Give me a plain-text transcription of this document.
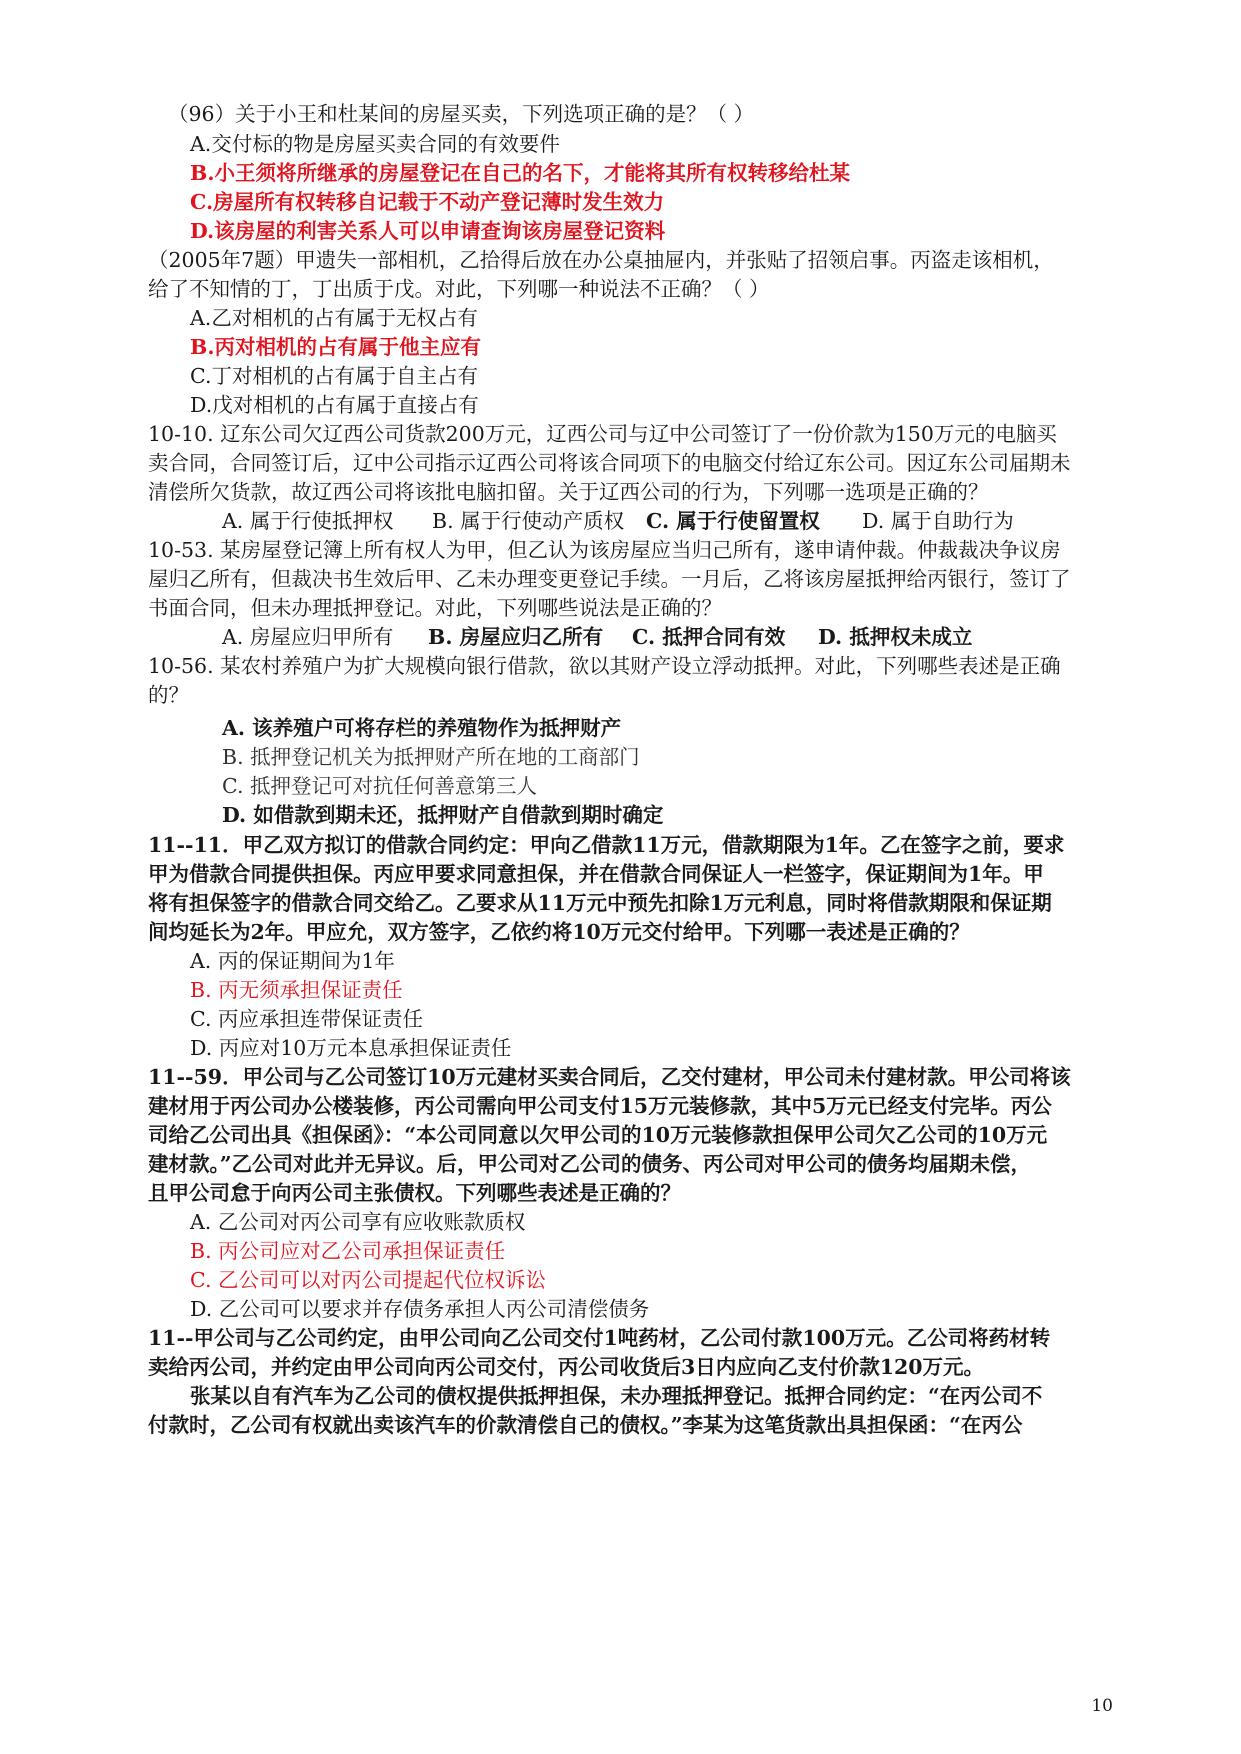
（96）关于小王和杜某间的房屋买卖，下列选项正确的是？（ ）
A.交付标的物是房屋买卖合同的有效要件
B.小王须将所继承的房屋登记在自己的名下，才能将其所有权转移给杜某
C.房屋所有权转移自记载于不动产登记薄时发生效力
D.该房屋的利害关系人可以申请查询该房屋登记资料
（2005年7题）甲遗失一部相机，乙拾得后放在办公桌抽屉内，并张贴了招领启事。丙盗走该相机，
给了不知情的丁，丁出质于戊。对此，下列哪一种说法不正确？（ ）
A.乙对相机的占有属于无权占有
B.丙对相机的占有属于他主应有
C.丁对相机的占有属于自主占有
D.戊对相机的占有属于直接占有
10-10. 辽东公司欠辽西公司货款200万元，辽西公司与辽中公司签订了一份价款为150万元的电脑买
卖合同，合同签订后，辽中公司指示辽西公司将该合同项下的电脑交付给辽东公司。因辽东公司届期未
清偿所欠货款，故辽西公司将该批电脑扣留。关于辽西公司的行为，下列哪一选项是正确的？
A. 属于行使抵押权 B. 属于行使动产质权 C. 属于行使留置权 D. 属于自助行为
10-53. 某房屋登记簿上所有权人为甲，但乙认为该房屋应当归己所有，遂申请仲裁。仲裁裁决争议房
屋归乙所有，但裁决书生效后甲、乙未办理变更登记手续。一月后，乙将该房屋抵押给丙银行，签订了
书面合同，但未办理抵押登记。对此，下列哪些说法是正确的？
A. 房屋应归甲所有 B. 房屋应归乙所有 C. 抵押合同有效 D. 抵押权未成立
10-56. 某农村养殖户为扩大规模向银行借款，欲以其财产设立浮动抵押。对此，下列哪些表述是正确
的？
A. 该养殖户可将存栏的养殖物作为抵押财产
B. 抵押登记机关为抵押财产所在地的工商部门
C. 抵押登记可对抗任何善意第三人
D. 如借款到期未还，抵押财产自借款到期时确定
11--11．甲乙双方拟订的借款合同约定：甲向乙借款11万元，借款期限为1年。乙在签字之前，要求
甲为借款合同提供担保。丙应甲要求同意担保，并在借款合同保证人一栏签字，保证期间为1年。甲
将有担保签字的借款合同交给乙。乙要求从11万元中预先扣除1万元利息，同时将借款期限和保证期
间均延长为2年。甲应允，双方签字，乙依约将10万元交付给甲。下列哪一表述是正确的？
A. 丙的保证期间为1年
B. 丙无须承担保证责任
C. 丙应承担连带保证责任
D. 丙应对10万元本息承担保证责任
11--59．甲公司与乙公司签订10万元建材买卖合同后，乙交付建材，甲公司未付建材款。甲公司将该
建材用于丙公司办公楼装修，丙公司需向甲公司支付15万元装修款，其中5万元已经支付完毕。丙公
司给乙公司出具《担保函》：“本公司同意以欠甲公司的10万元装修款担保甲公司欠乙公司的10万元
建材款。”乙公司对此并无异议。后，甲公司对乙公司的债务、丙公司对甲公司的债务均届期未偿，
且甲公司怠于向丙公司主张债权。下列哪些表述是正确的？
A. 乙公司对丙公司享有应收账款质权
B. 丙公司应对乙公司承担保证责任
C. 乙公司可以对丙公司提起代位权诉讼
D. 乙公司可以要求并存债务承担人丙公司清偿债务
11--甲公司与乙公司约定，由甲公司向乙公司交付1吨药材，乙公司付款100万元。乙公司将药材转
卖给丙公司，并约定由甲公司向丙公司交付，丙公司收货后3日内应向乙支付价款120万元。
张某以自有汽车为乙公司的债权提供抵押担保，未办理抵押登记。抵押合同约定：“在丙公司不
付款时，乙公司有权就出卖该汽车的价款清偿自己的债权。”李某为这笔货款出具担保函：“在丙公
10
